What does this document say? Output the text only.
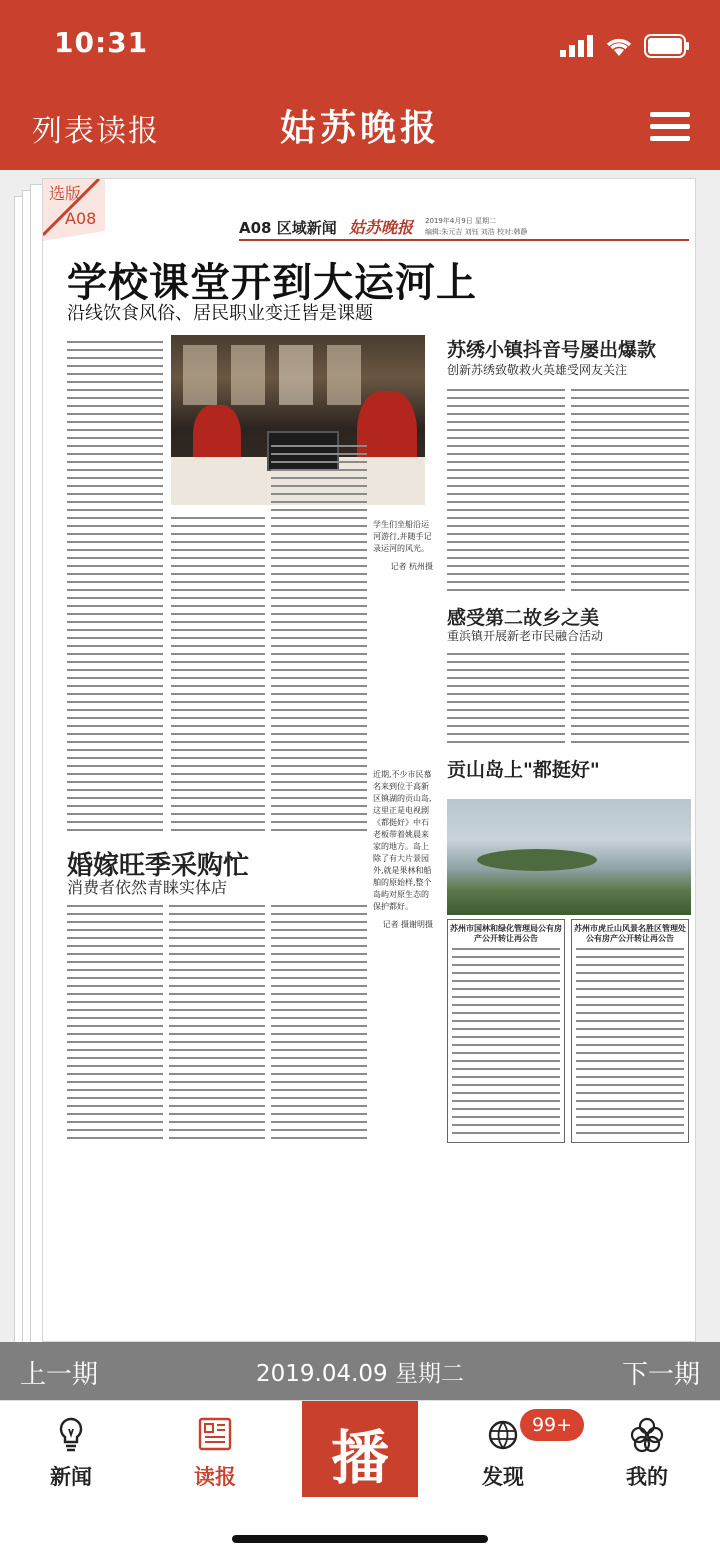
10:31
列表读报	姑苏晚报
选版
A08	A08 区域新闻 姑苏晚报 2019年4月9日 星期二
编辑:朱元吉 刘钰 刘浩 校对:韩静
学校课堂开到大运河上
沿线饮食风俗、居民职业变迁皆是课题
学生们坐船沿运河游行,并随手记录运河的风光。
记者 杭州摄
苏绣小镇抖音号屡出爆款
创新苏绣致敬救火英雄受网友关注
感受第二故乡之美
重浜镇开展新老市民融合活动
贡山岛上"都挺好"
近期,不少市民慕名来到位于高新区镇湖的贡山岛,这里正是电视剧《都挺好》中石老板带着姚晨来家的地方。岛上除了有大片景园外,就是果林和船舶的原始样,整个岛屿对原生态的保护都好。
记者 摄谢明摄
婚嫁旺季采购忙
消费者依然青睐实体店
苏州市国林和绿化管理局公有房产公开转让再公告
苏州市虎丘山风景名胜区管理处公有房产公开转让再公告
上一期	2019.04.09 星期二	下一期
新闻	读报	播	发现
99+
我的
